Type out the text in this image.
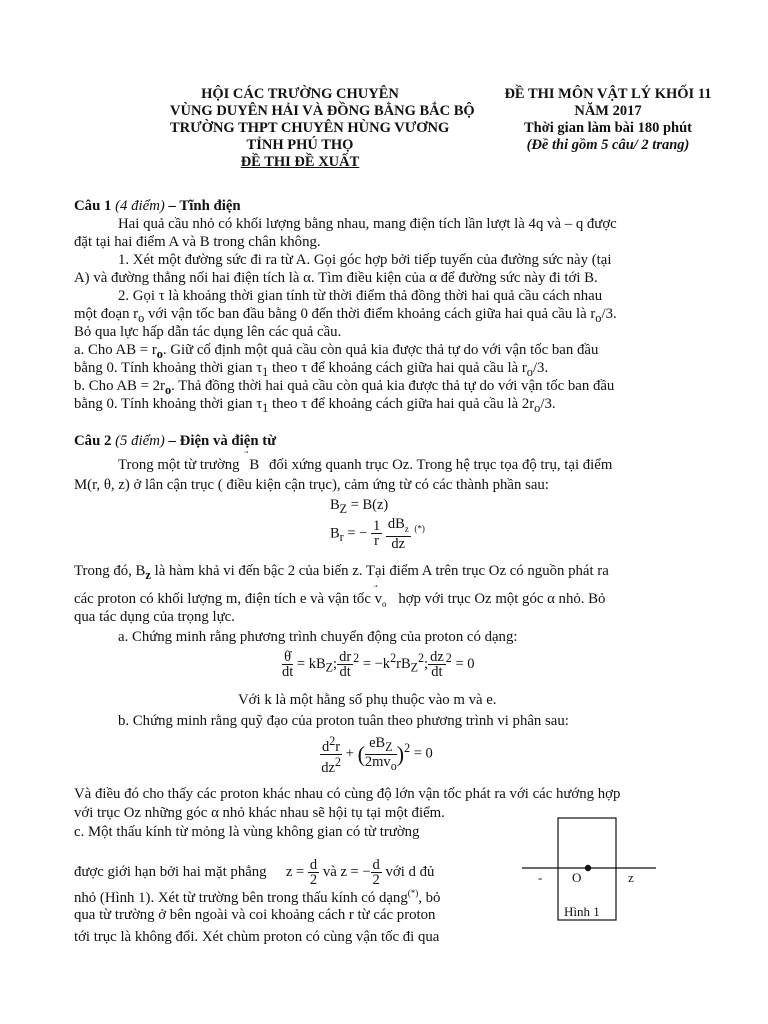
HỘI CÁC TRƯỜNG CHUYÊN
VÙNG DUYÊN HẢI VÀ ĐỒNG BẰNG BẮC BỘ
TRƯỜNG THPT CHUYÊN HÙNG VƯƠNG
TỈNH PHÚ THỌ
ĐỀ THI ĐỀ XUẤT
ĐỀ THI MÔN VẬT LÝ KHỐI 11
NĂM 2017
Thời gian làm bài 180 phút
(Đề thi gồm 5 câu/ 2 trang)
Câu 1 (4 điểm) – Tĩnh điện
Hai quả cầu nhỏ có khối lượng bằng nhau, mang điện tích lần lượt là 4q và – q được
đặt tại hai điểm A và B trong chân không.
1. Xét một đường sức đi ra từ A. Gọi góc hợp bởi tiếp tuyến của đường sức này (tại
A) và đường thẳng nối hai điện tích là α. Tìm điều kiện của α để đường sức này đi tới B.
2. Gọi τ là khoảng thời gian tính từ thời điểm thả đồng thời hai quả cầu cách nhau
một đoạn $r_o$ với vận tốc ban đầu bằng 0 đến thời điểm khoảng cách giữa hai quả cầu là $r_o/3$.
Bỏ qua lực hấp dẫn tác dụng lên các quả cầu.
a. Cho AB = $r_o$. Giữ cố định một quả cầu còn quả kia được thả tự do với vận tốc ban đầu
bằng 0. Tính khoảng thời gian $\tau_1$ theo τ để khoảng cách giữa hai quả cầu là $r_o/3$.
b. Cho AB = $2r_o$. Thả đồng thời hai quả cầu còn quả kia được thả tự do với vận tốc ban đầu
bằng 0. Tính khoảng thời gian $\tau_1$ theo τ để khoảng cách giữa hai quả cầu là $2r_o/3$.
Câu 2 (5 điểm) – Điện và điện từ
Trong một từ trường B đối xứng quanh trục Oz. Trong hệ trục tọa độ trụ, tại điểm
M(r, θ, z) ở lân cận trục ( điều kiện cận trục), cảm ứng từ có các thành phần sau:
$B_Z = B(z)$
$B_r$ = − $\frac{1}{r}$
$\frac{dB_z}{dz} ^{(*)}$
Trong đó, $B_z$ là hàm khả vi đến bậc 2 của biến z. Tại điểm A trên trục Oz có nguồn phát ra
các proton có khối lượng m, điện tích e và vận tốc $v_o$ hợp với trục Oz một góc α nhỏ. Bỏ
qua tác dụng của trọng lực.
a. Chứng minh rằng phương trình chuyển động của proton có dạng:
$\frac{\thetȧ}{dt} = kB_Z$; $\frac{dr}{dt} ^2 = -k^2rB_Z^2$; $\frac{dz}{dt} ^2 = 0$
Với k là một hằng số phụ thuộc vào m và e.
b. Chứng minh rằng quỹ đạo của proton tuân theo phương trình vi phân sau:
$\frac{d^2r}{dz^2}$ + ( $\frac{eB_Z}{2mv_o} )^2 = 0$
Và điều đó cho thấy các proton khác nhau có cùng độ lớn vận tốc phát ra với các hướng hợp
với trục Oz những góc α nhỏ khác nhau sẽ hội tụ tại một điểm.
c. Một thấu kính từ mỏng là vùng không gian có từ trường
được giới hạn bởi hai mặt phẳng $z = \frac{d}{2}$ và z = − $\frac{d}{2}$ với d đủ
nhỏ (Hình 1). Xét từ trường bên trong thấu kính có dạng(*), bỏ
qua từ trường ở bên ngoài và coi khoảng cách r từ các proton
tới trục là không đổi. Xét chùm proton có cùng vận tốc đi qua
- O	z
Hình 1
